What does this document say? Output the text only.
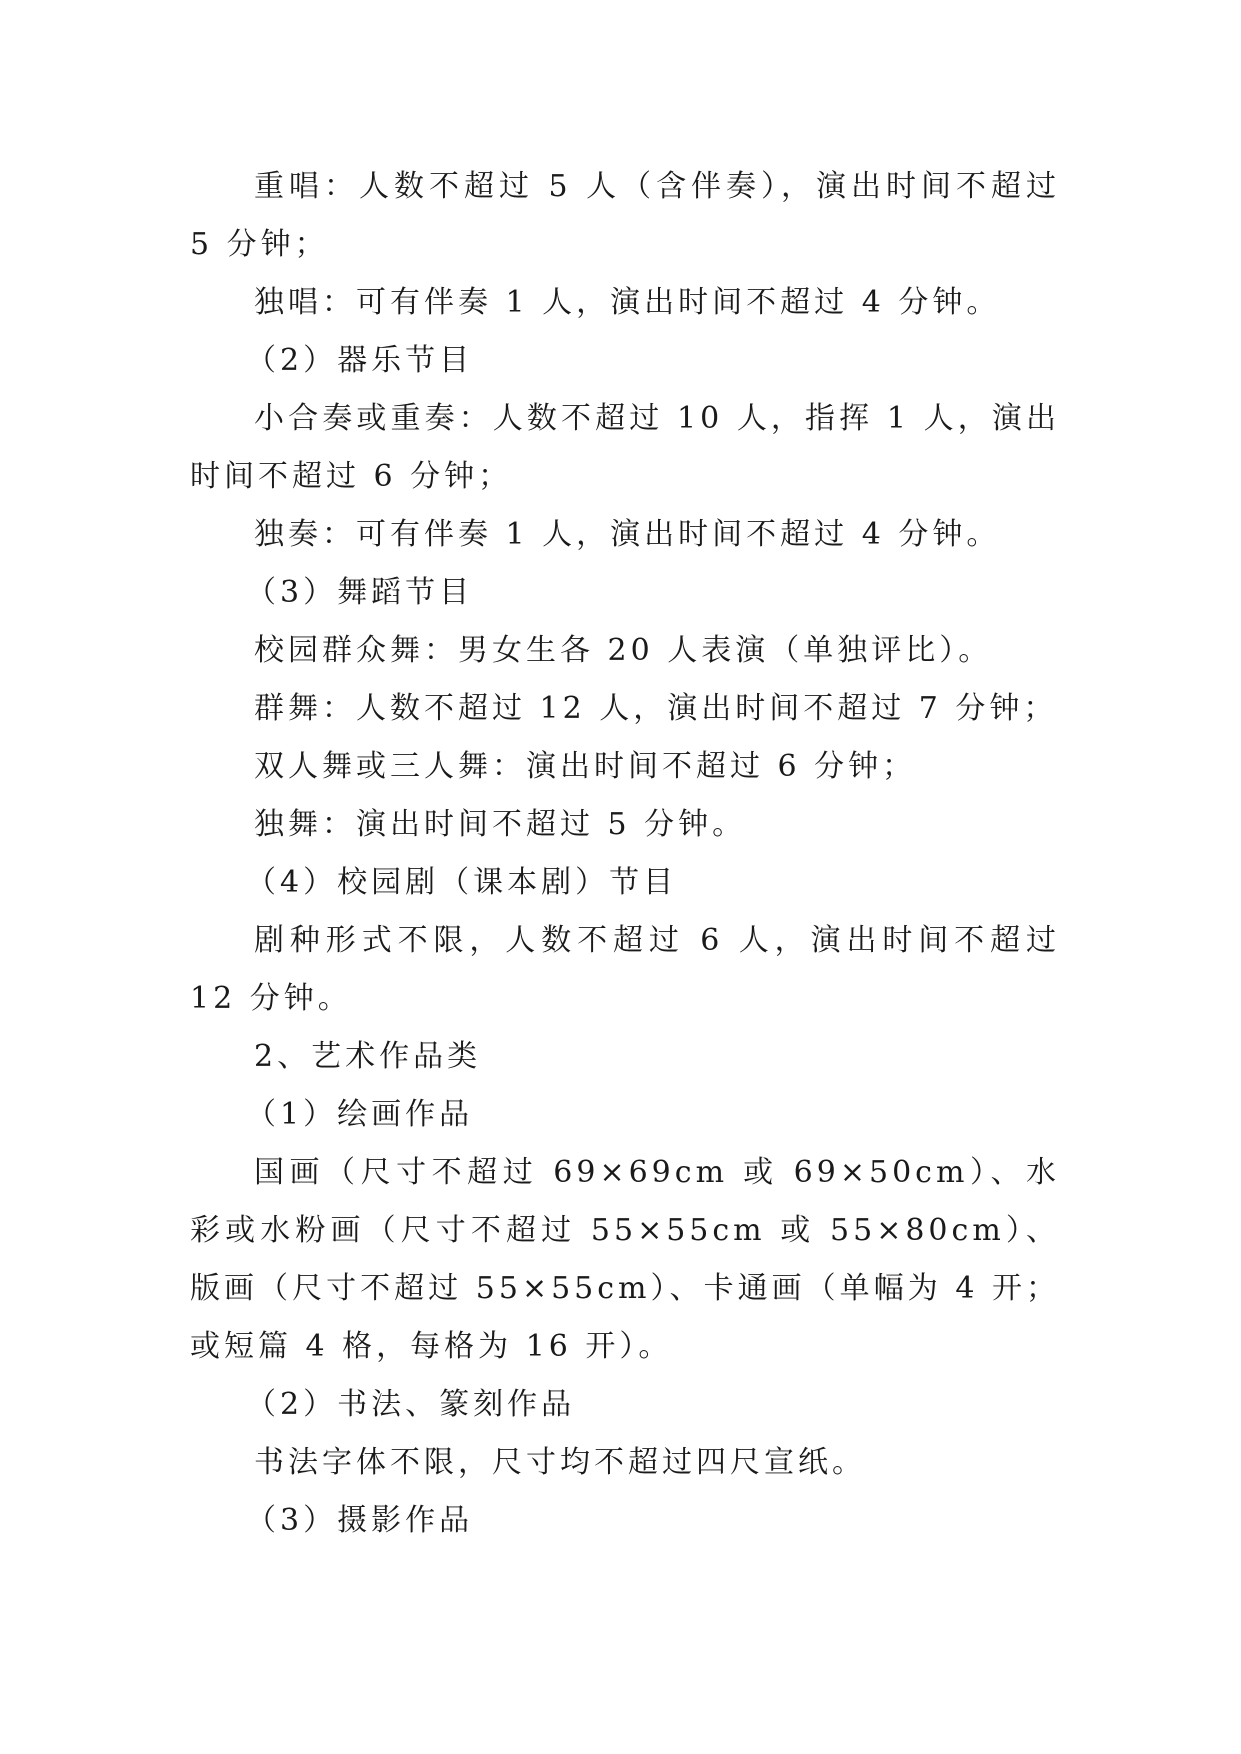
重唱：人数不超过 5 人（含伴奏），演出时间不超过 5 分钟；

独唱：可有伴奏 1 人，演出时间不超过 4 分钟。

（2）器乐节目

小合奏或重奏：人数不超过 10 人，指挥 1 人，演出时间不超过 6 分钟；

独奏：可有伴奏 1 人，演出时间不超过 4 分钟。

（3）舞蹈节目

校园群众舞：男女生各 20 人表演（单独评比）。

群舞：人数不超过 12 人，演出时间不超过 7 分钟；

双人舞或三人舞：演出时间不超过 6 分钟；

独舞：演出时间不超过 5 分钟。

（4）校园剧（课本剧）节目

剧种形式不限，人数不超过 6 人，演出时间不超过 12 分钟。

2、艺术作品类

（1）绘画作品

国画（尺寸不超过 69×69cm 或 69×50cm）、水彩或水粉画（尺寸不超过 55×55cm 或 55×80cm）、版画（尺寸不超过 55×55cm）、卡通画（单幅为 4 开；或短篇 4 格，每格为 16 开）。

（2）书法、篆刻作品

书法字体不限，尺寸均不超过四尺宣纸。

（3）摄影作品
